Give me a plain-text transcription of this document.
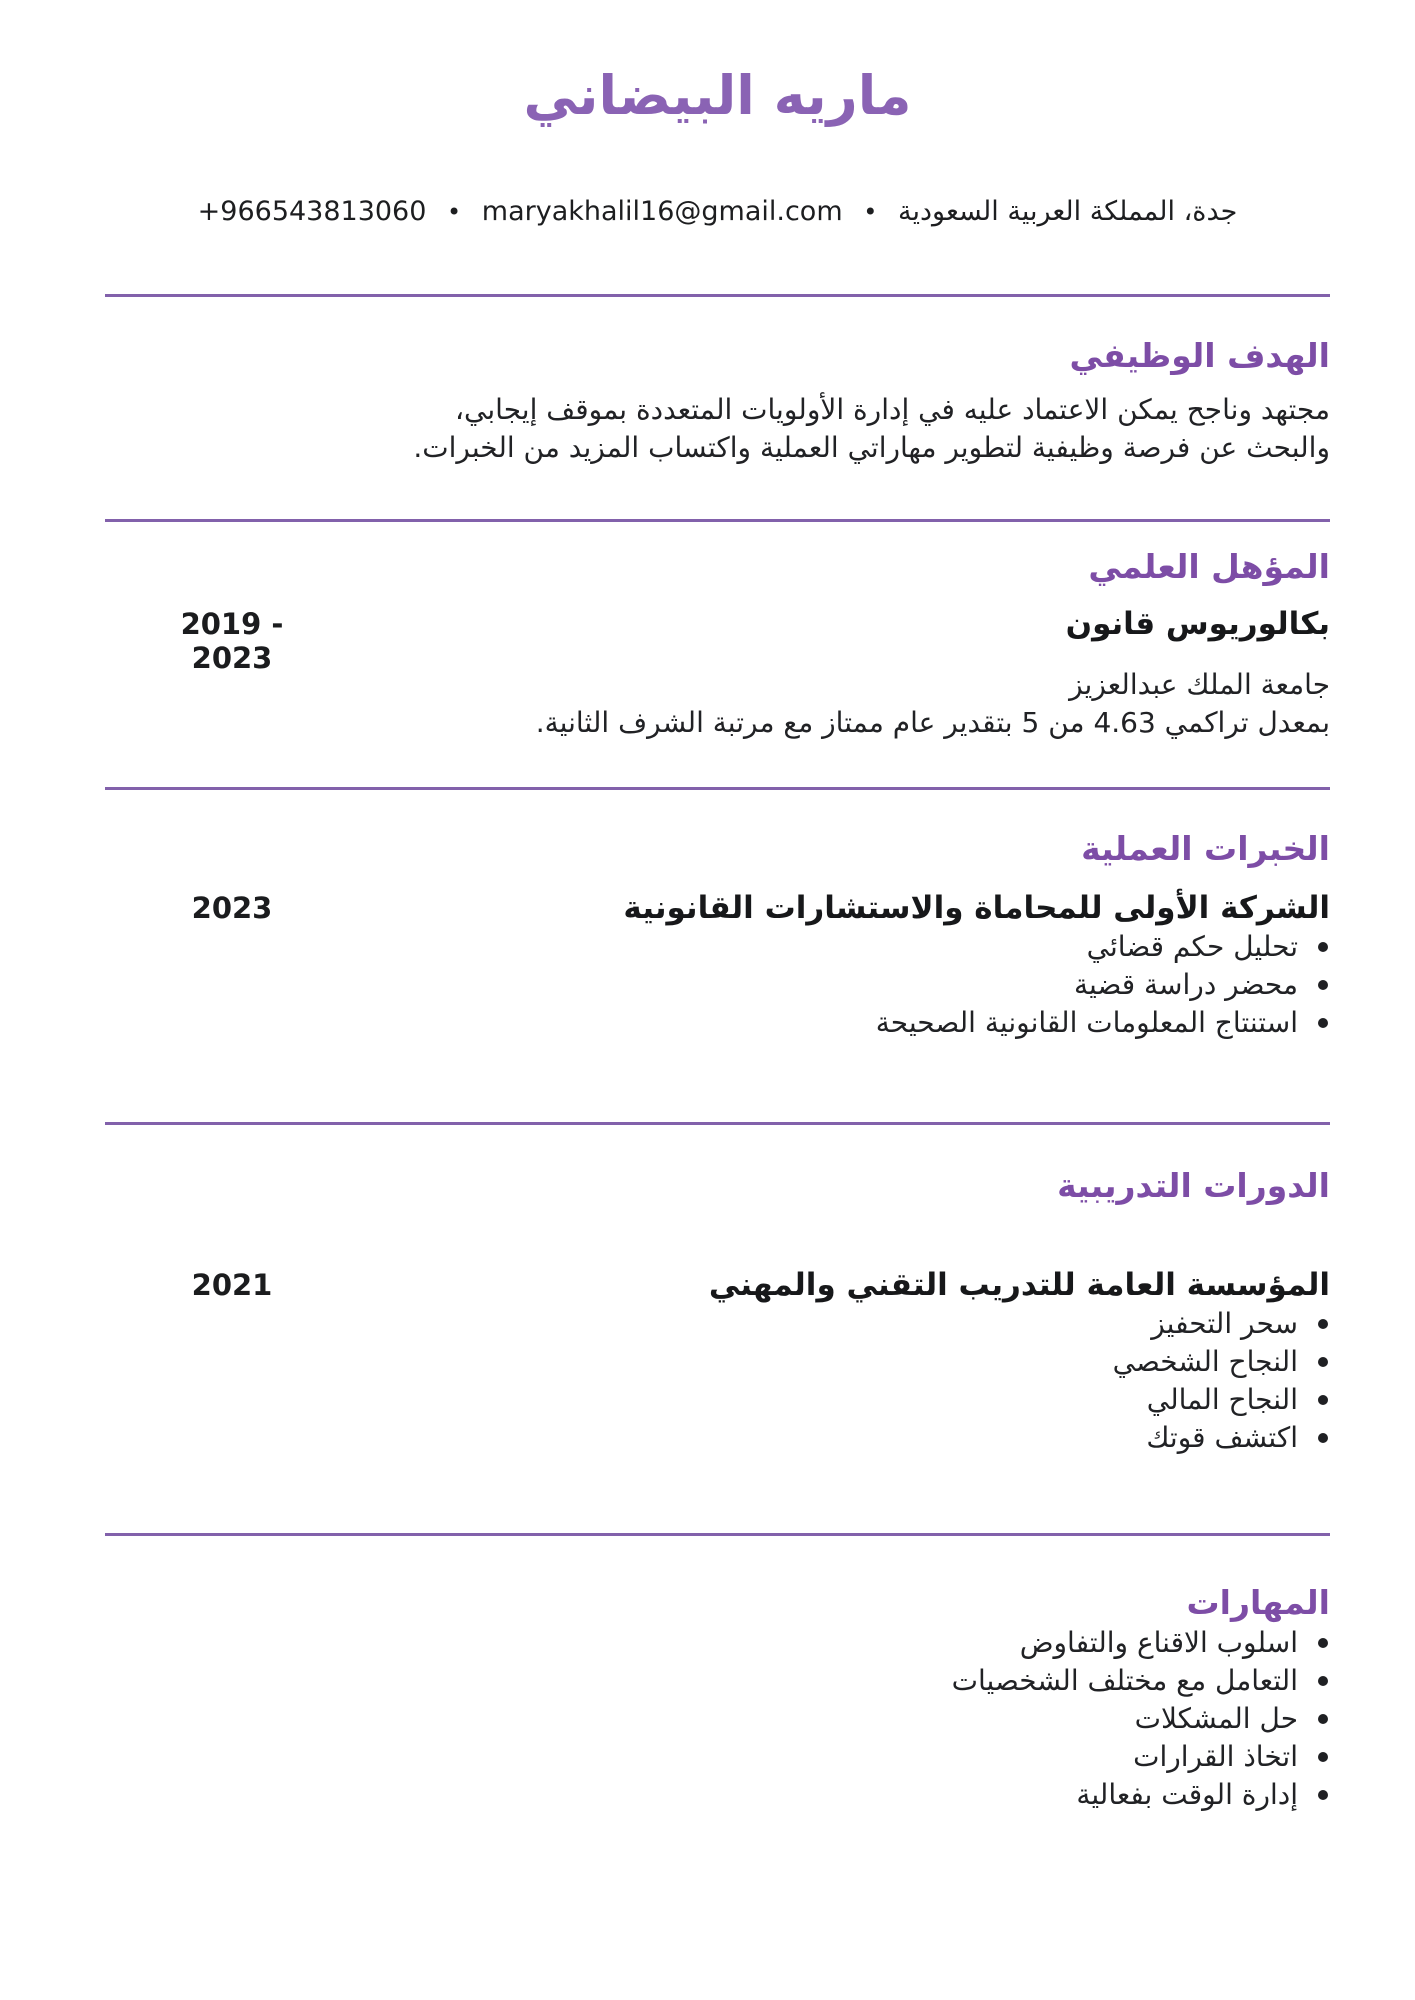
ماريه البيضاني
جدة، المملكة العربية السعودية • maryakhalil16@gmail.com • +966543813060
الهدف الوظيفي
مجتهد وناجح يمكن الاعتماد عليه في إدارة الأولويات المتعددة بموقف إيجابي،
والبحث عن فرصة وظيفية لتطوير مهاراتي العملية واكتساب المزيد من الخبرات.
المؤهل العلمي
بكالوريوس قانون
2019 - 2023
جامعة الملك عبدالعزيز
بمعدل تراكمي 4.63 من 5 بتقدير عام ممتاز مع مرتبة الشرف الثانية.
الخبرات العملية
الشركة الأولى للمحاماة والاستشارات القانونية
2023
تحليل حكم قضائي
محضر دراسة قضية
استنتاج المعلومات القانونية الصحيحة
الدورات التدريبية
المؤسسة العامة للتدريب التقني والمهني
2021
سحر التحفيز
النجاح الشخصي
النجاح المالي
اكتشف قوتك
المهارات
اسلوب الاقناع والتفاوض
التعامل مع مختلف الشخصيات
حل المشكلات
اتخاذ القرارات
إدارة الوقت بفعالية
